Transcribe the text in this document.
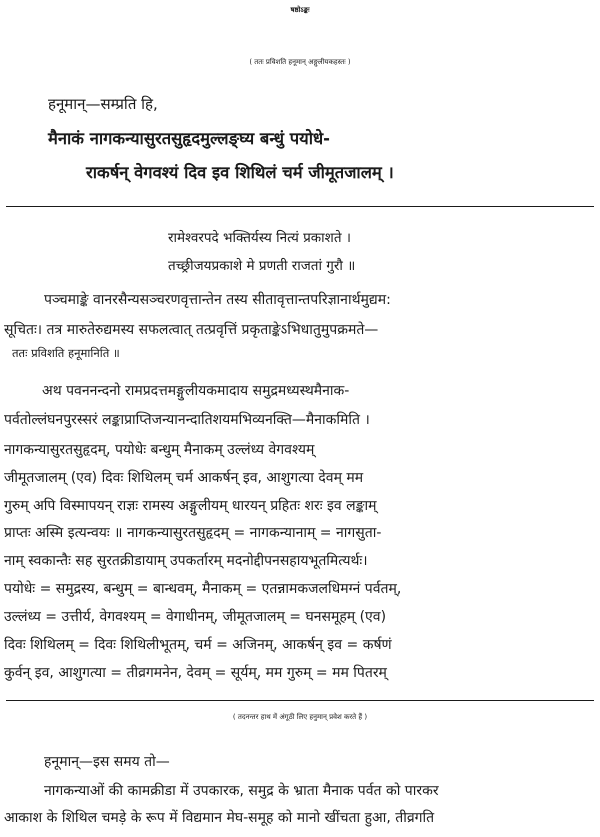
षष्ठोऽङ्कः

( ततः प्रविशति हनूमान् अङ्गुलीयकहस्तः )

हनूमान्—सम्प्रति हि,

मैनाकं नागकन्यासुरतसुहृदमुल्लङ्घ्य बन्धुं पयोधे-

राकर्षन् वेगवश्यं दिव इव शिथिलं चर्म जीमूतजालम् ।

रामेश्वरपदे भक्तिर्यस्य नित्यं प्रकाशते ।

तच्छ्रीजयप्रकाशे मे प्रणती राजतां गुरौ ॥

पञ्चमाङ्के वानरसैन्यसञ्चरणवृत्तान्तेन तस्य सीतावृत्तान्तपरिज्ञानार्थमुद्यम:

सूचितः। तत्र मारुतेरुद्यमस्य सफलत्वात् तत्प्रवृत्तिं प्रकृताङ्केऽभिधातुमुपक्रमते—

ततः प्रविशति हनूमानिति ॥

अथ पवननन्दनो रामप्रदत्तमङ्गुलीयकमादाय समुद्रमध्यस्थमैनाक-

पर्वतोल्लंघनपुरस्सरं लङ्काप्राप्तिजन्यानन्दातिशयमभिव्यनक्ति—मैनाकमिति ।

नागकन्यासुरतसुहृदम्, पयोधेः बन्धुम् मैनाकम् उल्लंध्य वेगवश्यम्

जीमूतजालम् (एव) दिवः शिथिलम् चर्म आकर्षन् इव, आशुगत्या देवम् मम

गुरुम् अपि विस्मापयन् राज्ञः रामस्य अङ्गुलीयम् धारयन् प्रहितः शरः इव लङ्काम्

प्राप्तः अस्मि इत्यन्वयः ॥ नागकन्यासुरतसुहृदम् = नागकन्यानाम् = नागसुता-

नाम् स्वकान्तैः सह सुरतक्रीडायाम् उपकर्तारम् मदनोद्दीपनसहायभूतमित्यर्थः।

पयोधेः = समुद्रस्य, बन्धुम् = बान्धवम्, मैनाकम् = एतन्नामकजलधिमग्नं पर्वतम्,

उल्लंध्य = उत्तीर्य, वेगवश्यम् = वेगाधीनम्, जीमूतजालम् = घनसमूहम् (एव)

दिवः शिथिलम् = दिवः शिथिलीभूतम्, चर्म = अजिनम्, आकर्षन् इव = कर्षणं

कुर्वन् इव, आशुगत्या = तीव्रगमनेन, देवम् = सूर्यम्, मम गुरुम् = मम पितरम्

( तदनन्तर हाथ में अंगूठी लिए हनुमान् प्रवेश करते हैं )

हनूमान्—इस समय तो—

नागकन्याओं की कामक्रीडा में उपकारक, समुद्र के भ्राता मैनाक पर्वत को पारकर

आकाश के शिथिल चमड़े के रूप में विद्यमान मेघ-समूह को मानो खींचता हुआ, तीव्रगति
